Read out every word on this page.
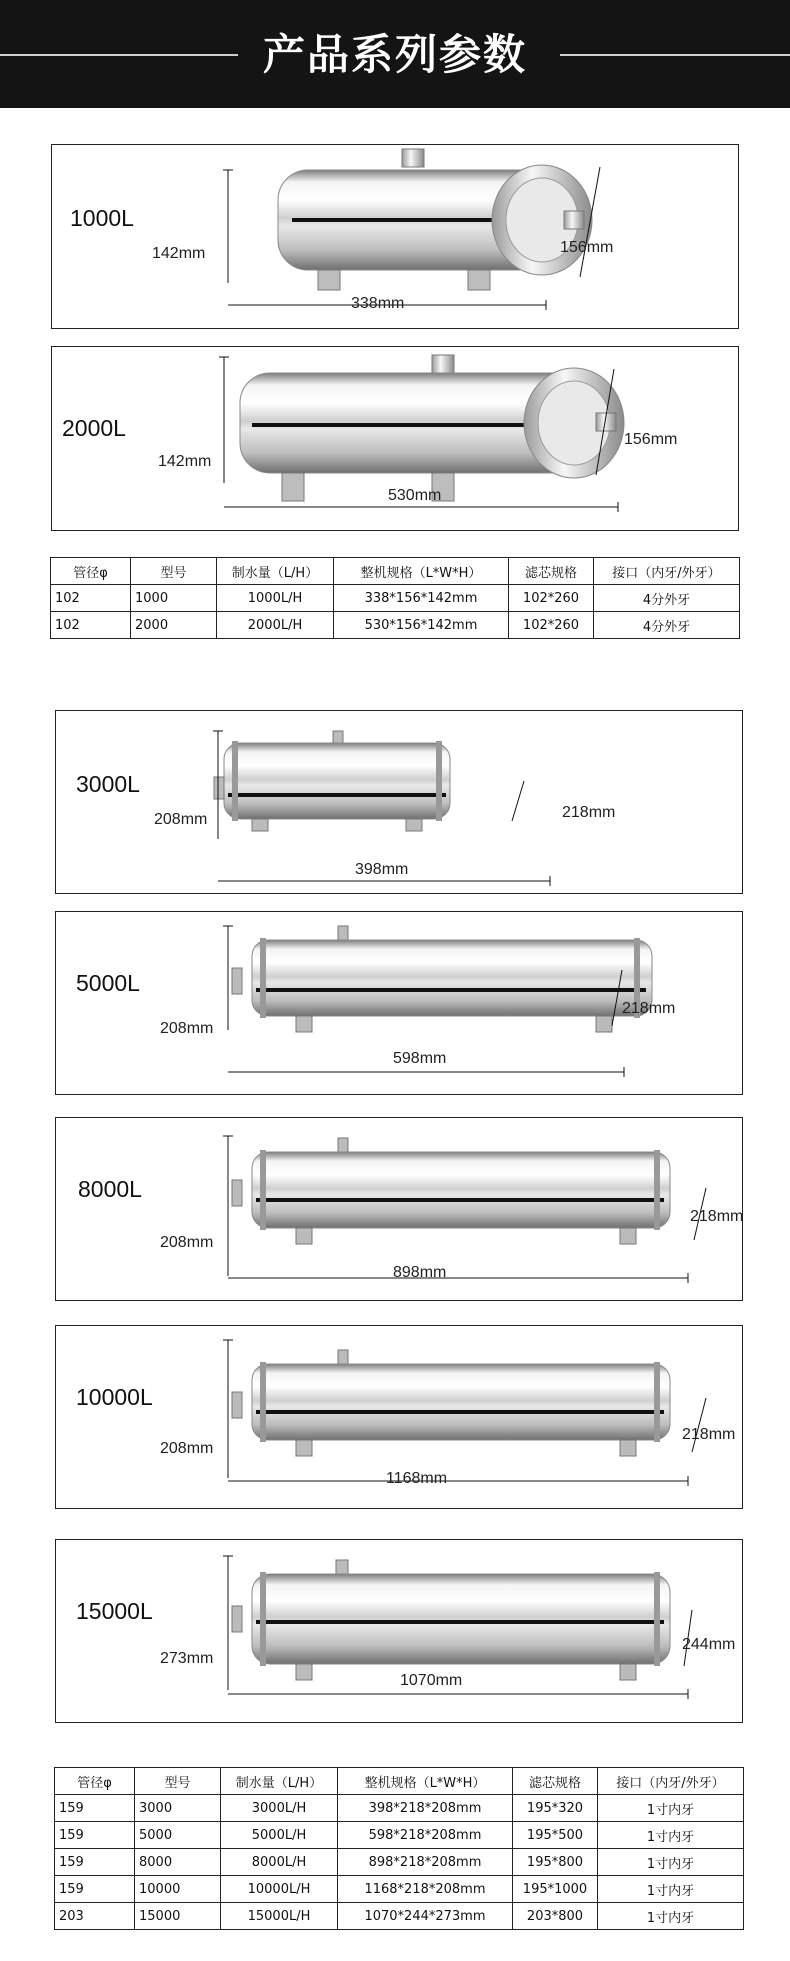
产品系列参数
1000L
142mm	156mm
338mm
2000L
142mm
156mm
530mm
管径φ	型号	制水量（L/H）	整机规格（L*W*H）	滤芯规格	接口（内牙/外牙）
102	1000	1000L/H	338*156*142mm	102*260	4分外牙
102	2000	2000L/H	530*156*142mm	102*260	4分外牙
3000L
208mm	218mm
398mm
5000L
208mm
218mm
598mm
8000L
208mm
218mm
898mm
10000L
208mm
218mm
1168mm
15000L
273mm
244mm
1070mm
管径φ	型号	制水量（L/H）	整机规格（L*W*H）	滤芯规格	接口（内牙/外牙）
159	3000	3000L/H	398*218*208mm	195*320	1寸内牙
159	5000	5000L/H	598*218*208mm	195*500	1寸内牙
159	8000	8000L/H	898*218*208mm	195*800	1寸内牙
159	10000	10000L/H	1168*218*208mm	195*1000	1寸内牙
203	15000	15000L/H	1070*244*273mm	203*800	1寸内牙
